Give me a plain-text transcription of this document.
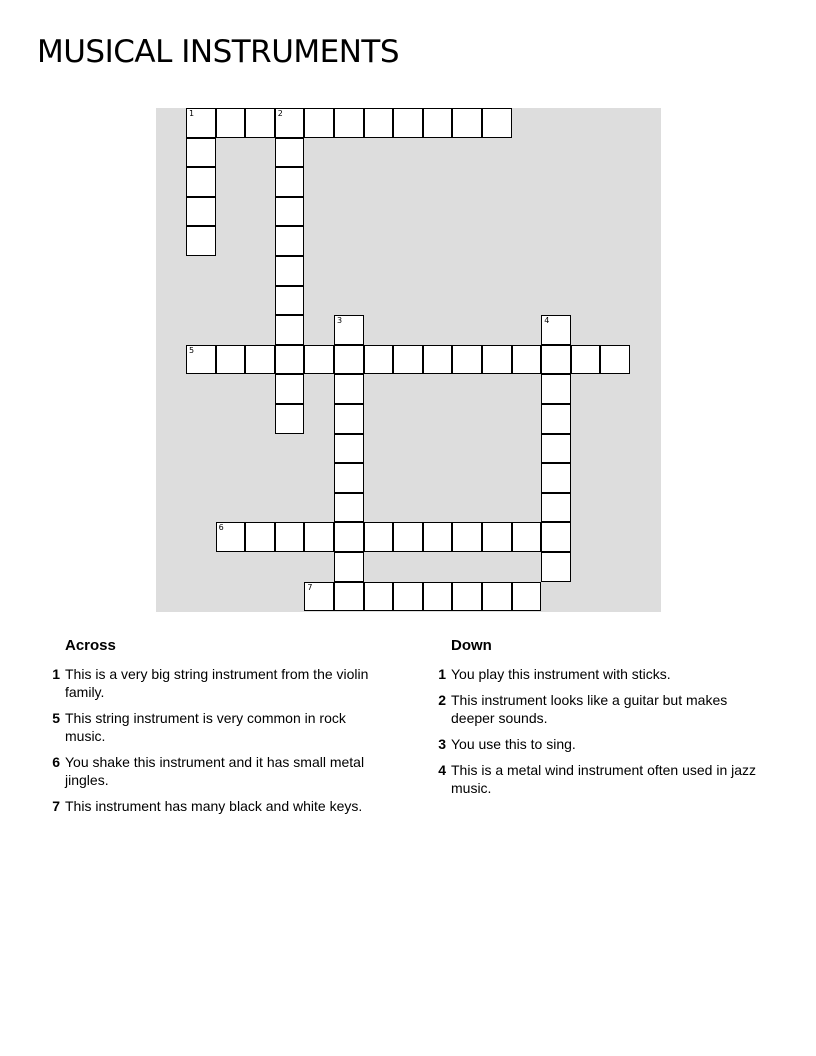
MUSICAL INSTRUMENTS
Across
1 This is a very big string instrument from the violin family.
5 This string instrument is very common in rock music.
6 You shake this instrument and it has small metal jingles.
7 This instrument has many black and white keys.
Down
1 You play this instrument with sticks.
2 This instrument looks like a guitar but makes deeper sounds.
3 You use this to sing.
4 This is a metal wind instrument often used in jazz music.
1	2
3	4
5
6
7
